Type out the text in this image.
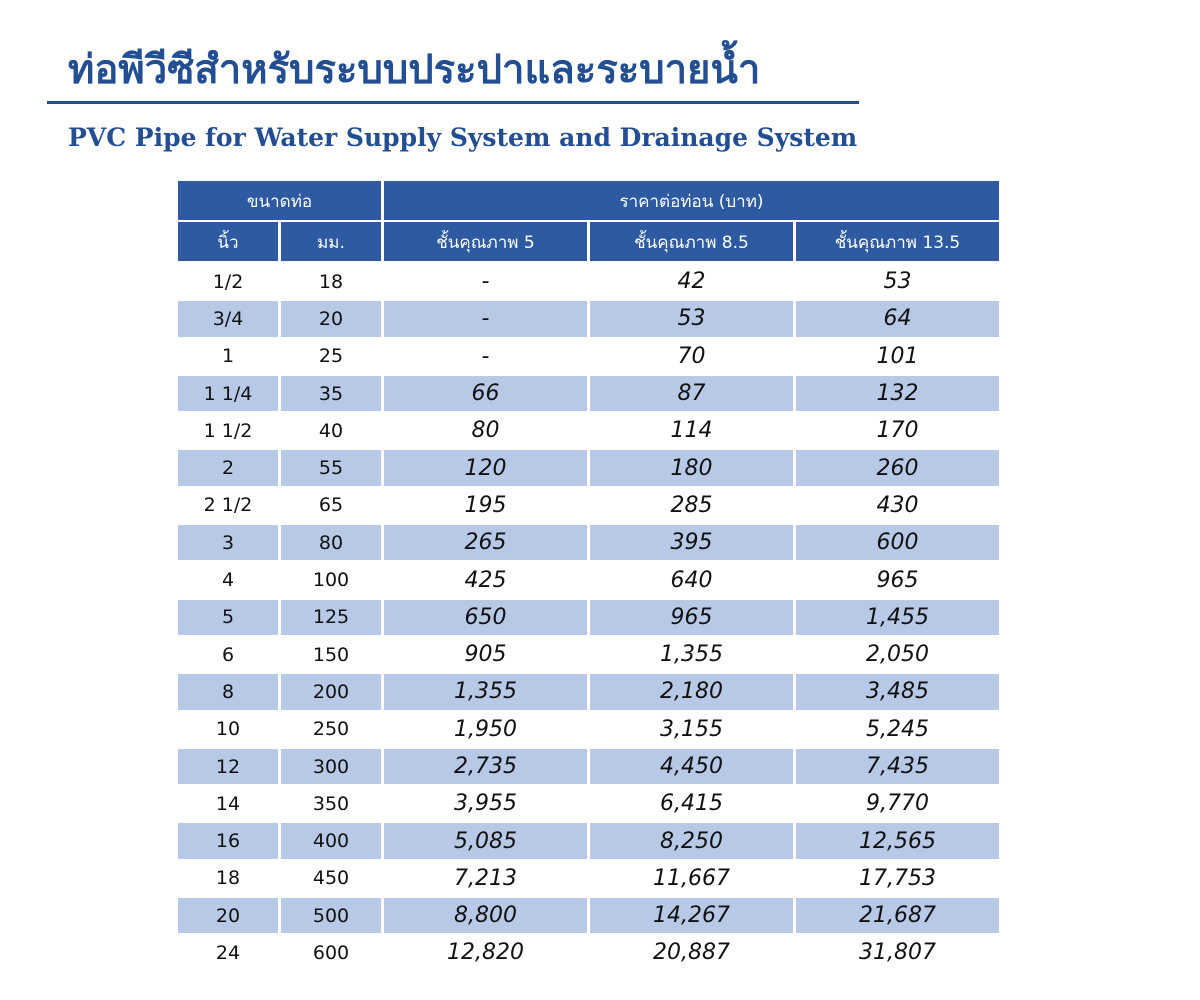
ท่อพีวีซีสำหรับระบบประปาและระบายน้ำ
PVC Pipe for Water Supply System and Drainage System
ขนาดท่อ		ราคาต่อท่อน (บาท)		
นิ้ว	มม.	ชั้นคุณภาพ 5	ชั้นคุณภาพ 8.5	ชั้นคุณภาพ 13.5
1/2	18	-	42	53
3/4	20	-	53	64
1	25	-	70	101
1 1/4	35	66	87	132
1 1/2	40	80	114	170
2	55	120	180	260
2 1/2	65	195	285	430
3	80	265	395	600
4	100	425	640	965
5	125	650	965	1,455
6	150	905	1,355	2,050
8	200	1,355	2,180	3,485
10	250	1,950	3,155	5,245
12	300	2,735	4,450	7,435
14	350	3,955	6,415	9,770
16	400	5,085	8,250	12,565
18	450	7,213	11,667	17,753
20	500	8,800	14,267	21,687
24	600	12,820	20,887	31,807
